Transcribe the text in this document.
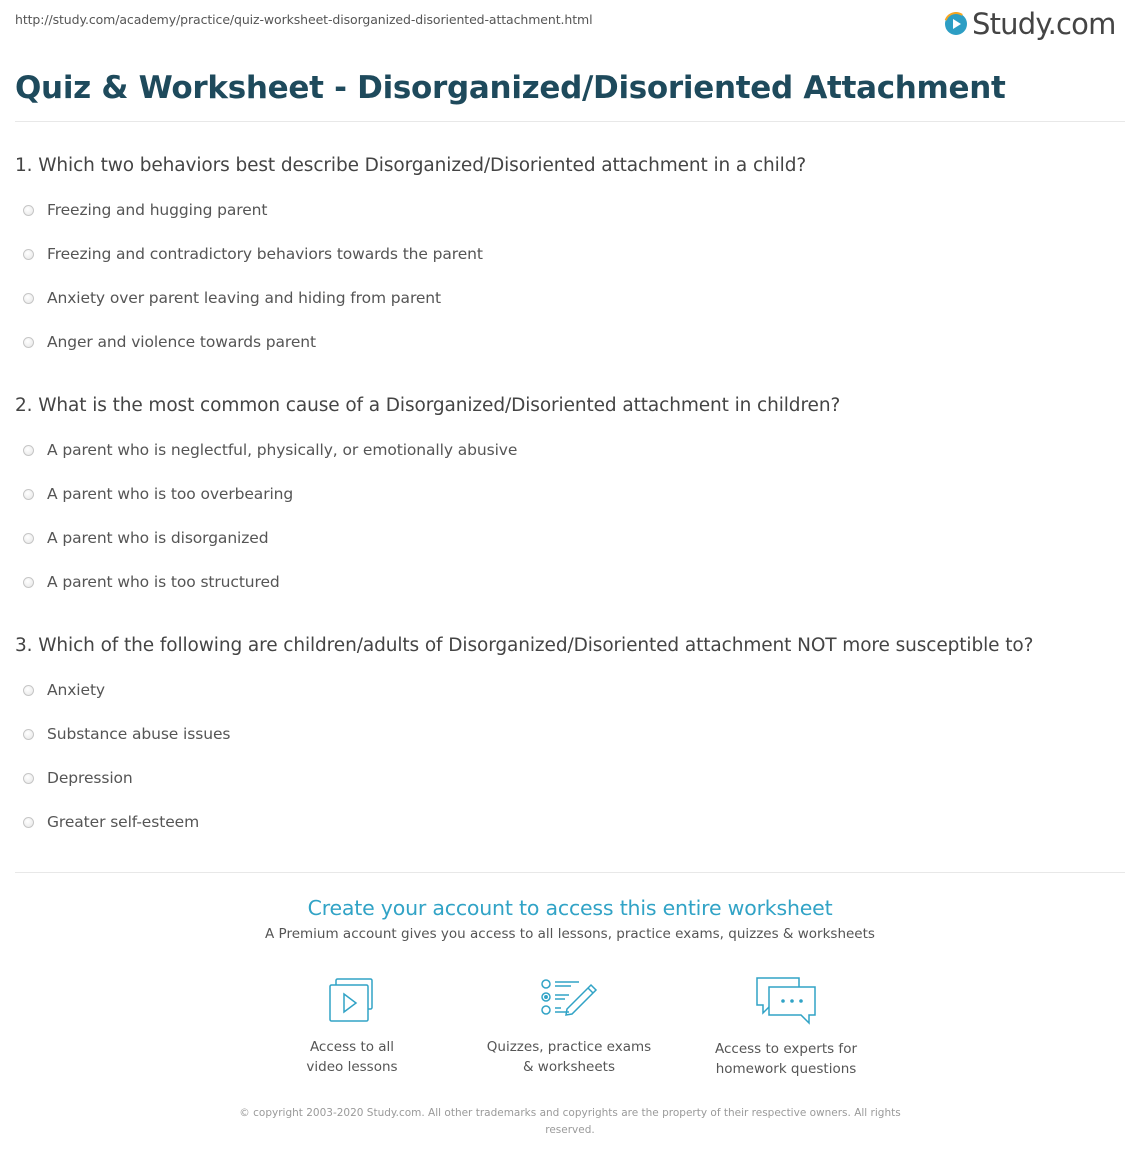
http://study.com/academy/practice/quiz-worksheet-disorganized-disoriented-attachment.html	Study.com
Quiz & Worksheet - Disorganized/Disoriented Attachment
1. Which two behaviors best describe Disorganized/Disoriented attachment in a child?
Freezing and hugging parent
Freezing and contradictory behaviors towards the parent
Anxiety over parent leaving and hiding from parent
Anger and violence towards parent
2. What is the most common cause of a Disorganized/Disoriented attachment in children?
A parent who is neglectful, physically, or emotionally abusive
A parent who is too overbearing
A parent who is disorganized
A parent who is too structured
3. Which of the following are children/adults of Disorganized/Disoriented attachment NOT more susceptible to?
Anxiety
Substance abuse issues
Depression
Greater self-esteem
Create your account to access this entire worksheet
A Premium account gives you access to all lessons, practice exams, quizzes & worksheets
Access to all
video lessons
Quizzes, practice exams
& worksheets
Access to experts for
homework questions
© copyright 2003-2020 Study.com. All other trademarks and copyrights are the property of their respective owners. All rights reserved.
